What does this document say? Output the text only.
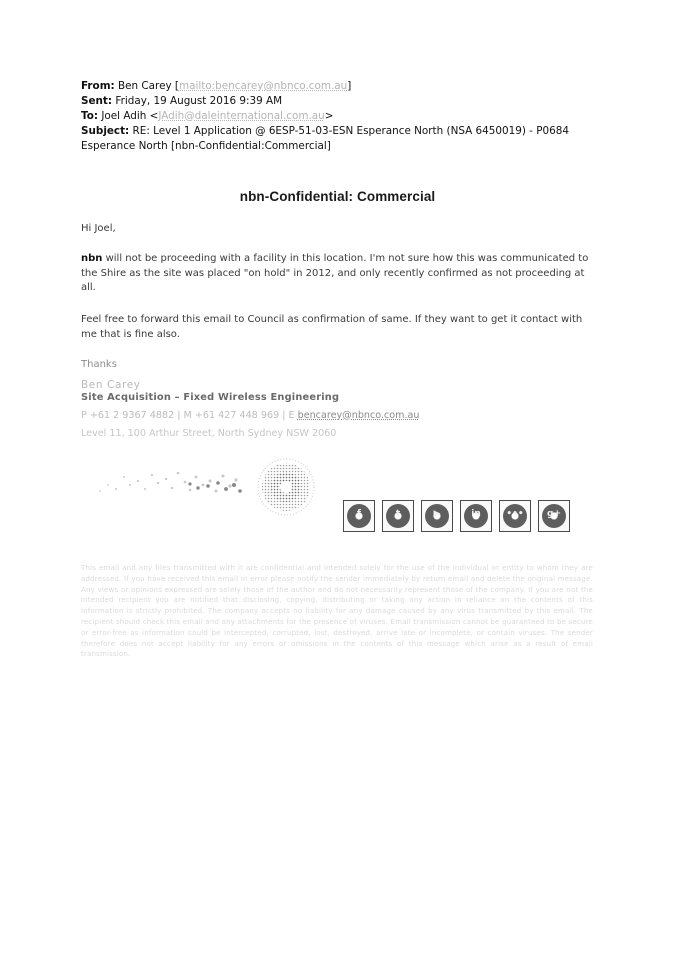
From: Ben Carey [mailto:bencarey@nbnco.com.au]
Sent: Friday, 19 August 2016 9:39 AM
To: Joel Adih <JAdih@daleinternational.com.au>
Subject: RE: Level 1 Application @ 6ESP-51-03-ESN Esperance North (NSA 6450019) - P0684
Esperance North [nbn-Confidential:Commercial]
nbn-Confidential: Commercial
Hi Joel,
nbn will not be proceeding with a facility in this location. I'm not sure how this was communicated to the Shire as the site was placed "on hold" in 2012, and only recently confirmed as not proceeding at all.
Feel free to forward this email to Council as confirmation of same. If they want to get it contact with me that is fine also.
Thanks
Ben Carey
Site Acquisition – Fixed Wireless Engineering
P +61 2 9367 4882 | M +61 427 448 969 | E bencarey@nbnco.com.au
Level 11, 100 Arthur Street, North Sydney NSW 2060
f	t	▶	in	•••	g+
This email and any files transmitted with it are confidential and intended solely for the use of the individual or entity to whom they are addressed. If you have received this email in error please notify the sender immediately by return email and delete the original message. Any views or opinions expressed are solely those of the author and do not necessarily represent those of the company. If you are not the intended recipient you are notified that disclosing, copying, distributing or taking any action in reliance on the contents of this information is strictly prohibited. The company accepts no liability for any damage caused by any virus transmitted by this email. The recipient should check this email and any attachments for the presence of viruses. Email transmission cannot be guaranteed to be secure or error-free as information could be intercepted, corrupted, lost, destroyed, arrive late or incomplete, or contain viruses. The sender therefore does not accept liability for any errors or omissions in the contents of this message which arise as a result of email transmission.
